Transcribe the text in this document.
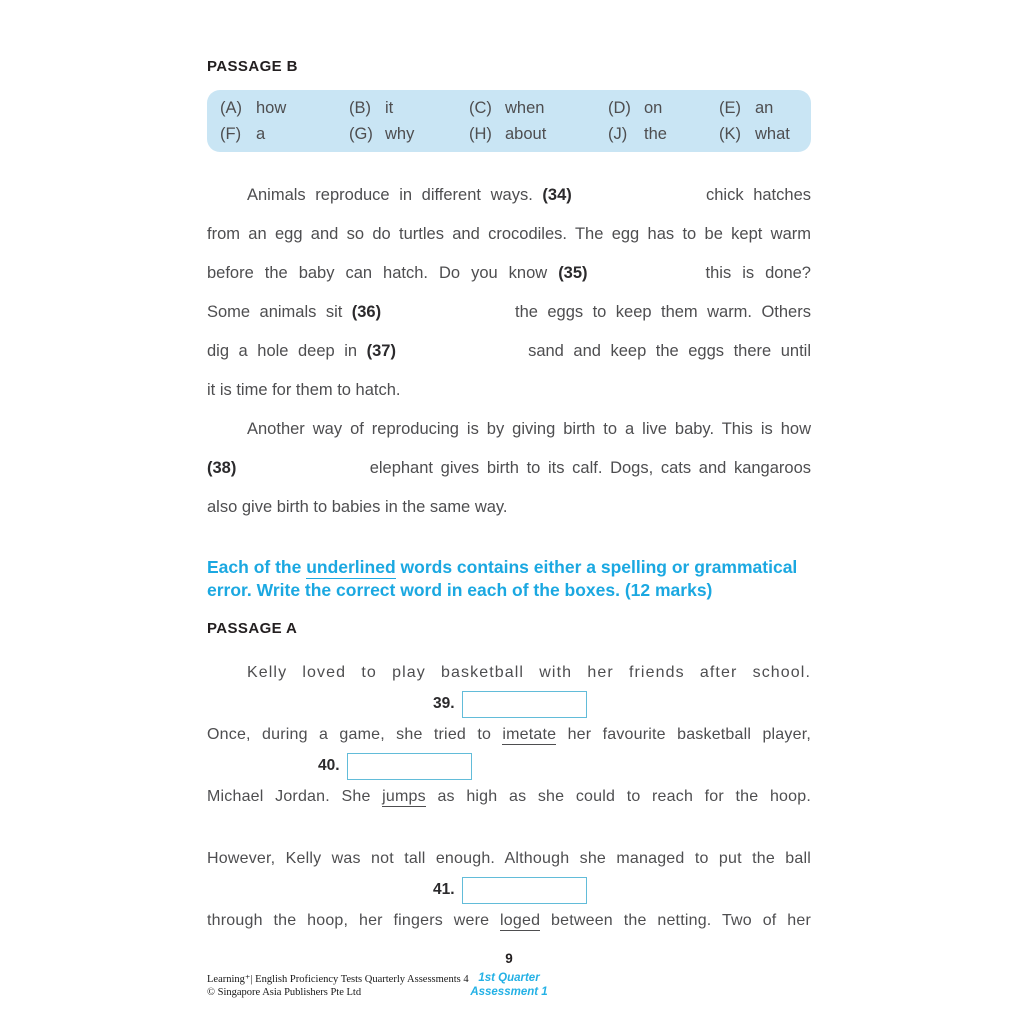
PASSAGE B
(A) how	(B) it	(C) when	(D) on	(E) an
(F) a	(G) why	(H) about	(J)	the	(K) what
Animals reproduce in different ways. (34)	chick hatches
from an egg and so do turtles and crocodiles. The egg has to be kept warm
before the baby can hatch. Do you know (35)	this is done?
Some animals sit (36)	the eggs to keep them warm. Others
dig a hole deep in (37)	sand and keep the eggs there until
it is time for them to hatch.
Another way of reproducing is by giving birth to a live baby. This is how
(38)	elephant gives birth to its calf. Dogs, cats and kangaroos
also give birth to babies in the same way.
Each of the underlined words contains either a spelling or grammatical
error. Write the correct word in each of the boxes. (12 marks)
PASSAGE A
Kelly loved to play basketball with her friends after school.
39.
Once, during a game, she tried to imetate her favourite basketball player,
40.
Michael Jordan. She jumps as high as she could to reach for the hoop.
However, Kelly was not tall enough. Although she managed to put the ball
41.
through the hoop, her fingers were loged between the netting. Two of her
9
1st Quarter
Assessment 1
Learning⁺| English Proficiency Tests Quarterly Assessments 4
© Singapore Asia Publishers Pte Ltd
